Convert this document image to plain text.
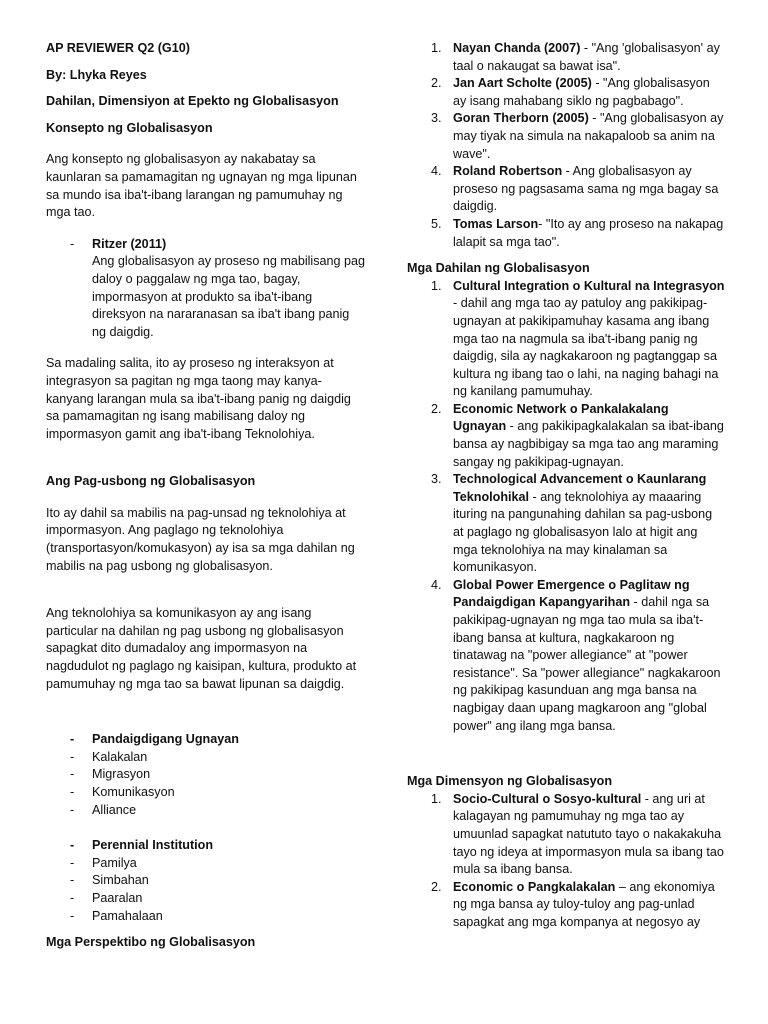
AP REVIEWER Q2 (G10)

By: Lhyka Reyes

Dahilan, Dimensiyon at Epekto ng Globalisasyon

Konsepto ng Globalisasyon

Ang konsepto ng globalisasyon ay nakabatay sa kaunlaran sa pamamagitan ng ugnayan ng mga lipunan sa mundo isa iba't-ibang larangan ng pamumuhay ng mga tao.

- Ritzer (2011)

Ang globalisasyon ay proseso ng mabilisang pag daloy o paggalaw ng mga tao, bagay, impormasyon at produkto sa iba't-ibang direksyon na nararanasan sa iba't ibang panig ng daigdig.

Sa madaling salita, ito ay proseso ng interaksyon at integrasyon sa pagitan ng mga taong may kanya-kanyang larangan mula sa iba't-ibang panig ng daigdig sa pamamagitan ng isang mabilisang daloy ng impormasyon gamit ang iba't-ibang Teknolohiya.

Ang Pag-usbong ng Globalisasyon

Ito ay dahil sa mabilis na pag-unsad ng teknolohiya at impormasyon. Ang paglago ng teknolohiya (transportasyon/komukasyon) ay isa sa mga dahilan ng mabilis na pag usbong ng globalisasyon.

Ang teknolohiya sa komunikasyon ay ang isang particular na dahilan ng pag usbong ng globalisasyon sapagkat dito dumadaloy ang impormasyon na nagdudulot ng paglago ng kaisipan, kultura, produkto at pamumuhay ng mga tao sa bawat lipunan sa daigdig.

- Pandaigdigang Ugnayan
- Kalakalan
- Migrasyon
- Komunikasyon
- Alliance
- Perennial Institution
- Pamilya
- Simbahan
- Paaralan
- Pamahalaan

Mga Perspektibo ng Globalisasyon

1. Nayan Chanda (2007) - "Ang 'globalisasyon' ay taal o nakaugat sa bawat isa".
2. Jan Aart Scholte (2005) - "Ang globalisasyon ay isang mahabang siklo ng pagbabago".
3. Goran Therborn (2005) - "Ang globalisasyon ay may tiyak na simula na nakapaloob sa anim na wave".
4. Roland Robertson - Ang globalisasyon ay proseso ng pagsasama sama ng mga bagay sa daigdig.
5. Tomas Larson- "Ito ay ang proseso na nakapag lalapit sa mga tao".

Mga Dahilan ng Globalisasyon

1. Cultural Integration o Kultural na Integrasyon - dahil ang mga tao ay patuloy ang pakikipag-ugnayan at pakikipamuhay kasama ang ibang mga tao na nagmula sa iba't-ibang panig ng daigdig, sila ay nagkakaroon ng pagtanggap sa kultura ng ibang tao o lahi, na naging bahagi na ng kanilang pamumuhay.
2. Economic Network o Pankalakalang Ugnayan - ang pakikipagkalakalan sa ibat-ibang bansa ay nagbibigay sa mga tao ang maraming sangay ng pakikipag-ugnayan.
3. Technological Advancement o Kaunlarang Teknolohikal - ang teknolohiya ay maaaring ituring na pangunahing dahilan sa pag-usbong at paglago ng globalisasyon lalo at higit ang mga teknolohiya na may kinalaman sa komunikasyon.
4. Global Power Emergence o Paglitaw ng Pandaigdigan Kapangyarihan - dahil nga sa pakikipag-ugnayan ng mga tao mula sa iba't-ibang bansa at kultura, nagkakaroon ng tinatawag na "power allegiance" at "power resistance". Sa "power allegiance" nagkakaroon ng pakikipag kasunduan ang mga bansa na nagbigay daan upang magkaroon ang "global power" ang ilang mga bansa.

Mga Dimensyon ng Globalisasyon

1. Socio-Cultural o Sosyo-kultural - ang uri at kalagayan ng pamumuhay ng mga tao ay umuunlad sapagkat natututo tayo o nakakakuha tayo ng ideya at impormasyon mula sa ibang tao mula sa ibang bansa.
2. Economic o Pangkalakalan – ang ekonomiya ng mga bansa ay tuloy-tuloy ang pag-unlad sapagkat ang mga kompanya at negosyo ay
